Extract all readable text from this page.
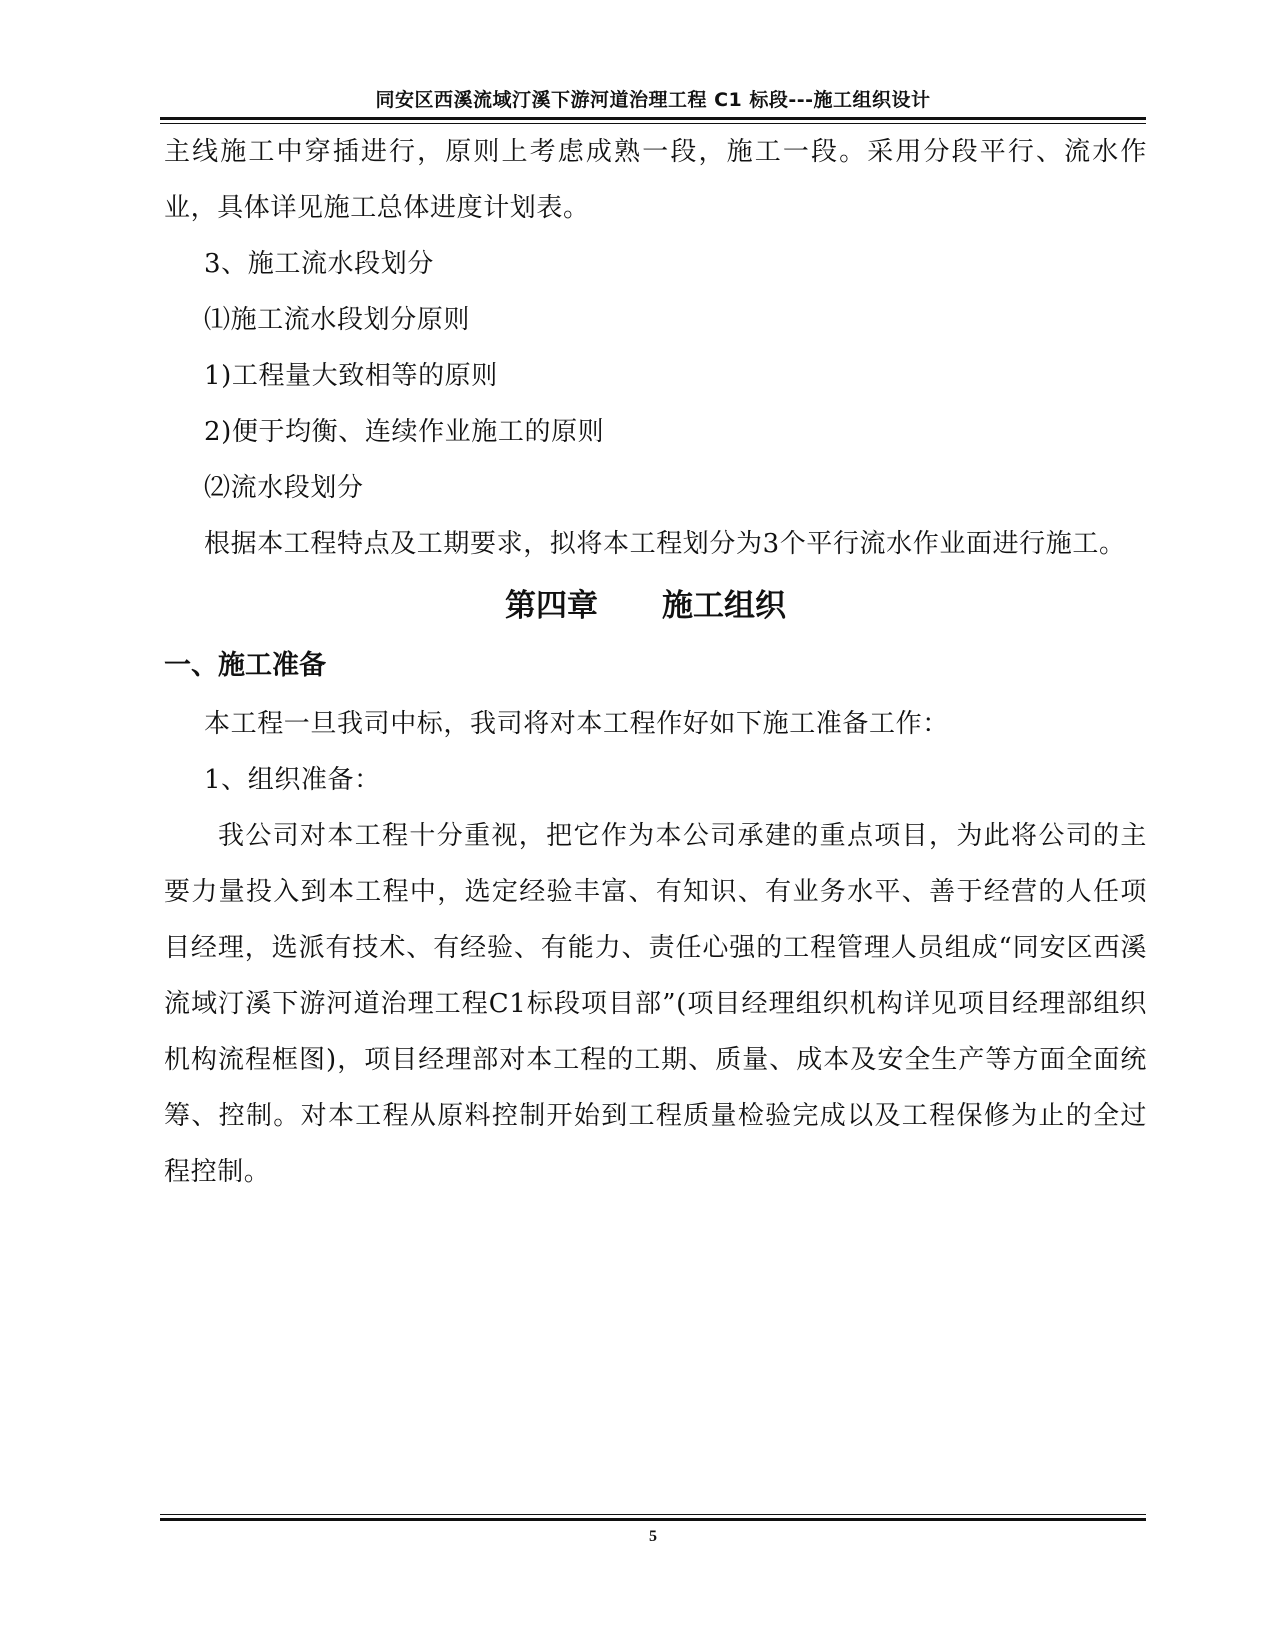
同安区西溪流域汀溪下游河道治理工程 C1 标段---施工组织设计

主线施工中穿插进行，原则上考虑成熟一段，施工一段。采用分段平行、流水作业，具体详见施工总体进度计划表。

3、施工流水段划分

⑴施工流水段划分原则

1)工程量大致相等的原则

2)便于均衡、连续作业施工的原则

⑵流水段划分

根据本工程特点及工期要求，拟将本工程划分为3个平行流水作业面进行施工。

第四章 施工组织
一、施工准备

本工程一旦我司中标，我司将对本工程作好如下施工准备工作：

1、组织准备：

我公司对本工程十分重视，把它作为本公司承建的重点项目，为此将公司的主要力量投入到本工程中，选定经验丰富、有知识、有业务水平、善于经营的人任项目经理，选派有技术、有经验、有能力、责任心强的工程管理人员组成“同安区西溪流域汀溪下游河道治理工程C1标段项目部”(项目经理组织机构详见项目经理部组织机构流程框图)，项目经理部对本工程的工期、质量、成本及安全生产等方面全面统筹、控制。对本工程从原料控制开始到工程质量检验完成以及工程保修为止的全过程控制。

5
